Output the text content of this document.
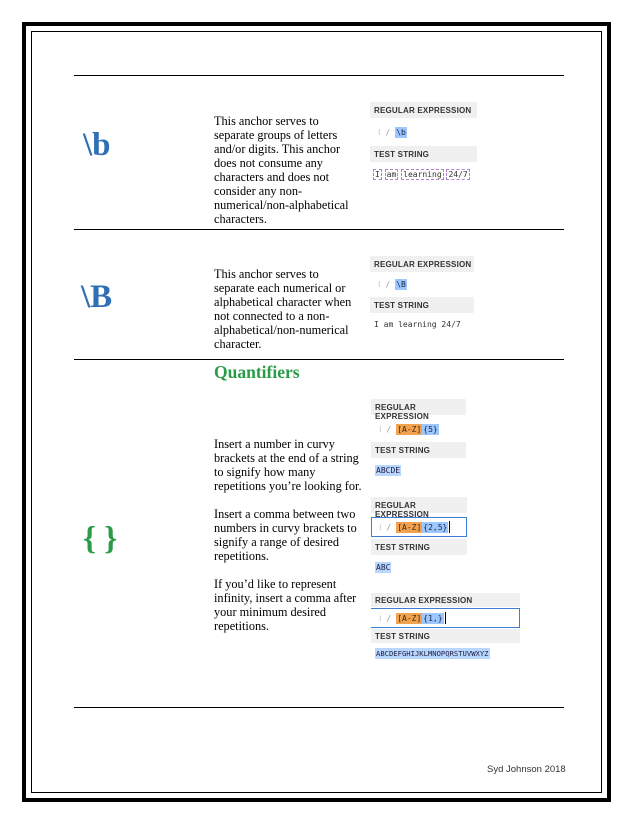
\b
This anchor serves to separate groups of letters and/or digits. This anchor does not consume any characters and does not consider any non-numerical/non-alphabetical characters.
REGULAR EXPRESSION
⁝ / \b
TEST STRING
I am learning 24/7
\B
This anchor serves to separate each numerical or alphabetical character when not connected to a non-alphabetical/non-numerical character.
REGULAR EXPRESSION
⁝ / \B
TEST STRING
I am learning 24/7
Quantifiers
{ }

Insert a number in curvy brackets at the end of a string to signify how many repetitions you’re looking for.

Insert a comma between two numbers in curvy brackets to signify a range of desired repetitions.

If you’d like to represent infinity, insert a comma after your minimum desired repetitions.

REGULAR EXPRESSION
⁝ / [A-Z] {5}
TEST STRING
ABCDE
REGULAR EXPRESSION
⁝ / [A-Z] {2,5}
TEST STRING
ABC
REGULAR EXPRESSION
⁝ / [A-Z] {1,}
TEST STRING
ABCDEFGHIJKLMNOPQRSTUVWXYZ
Syd Johnson 2018
